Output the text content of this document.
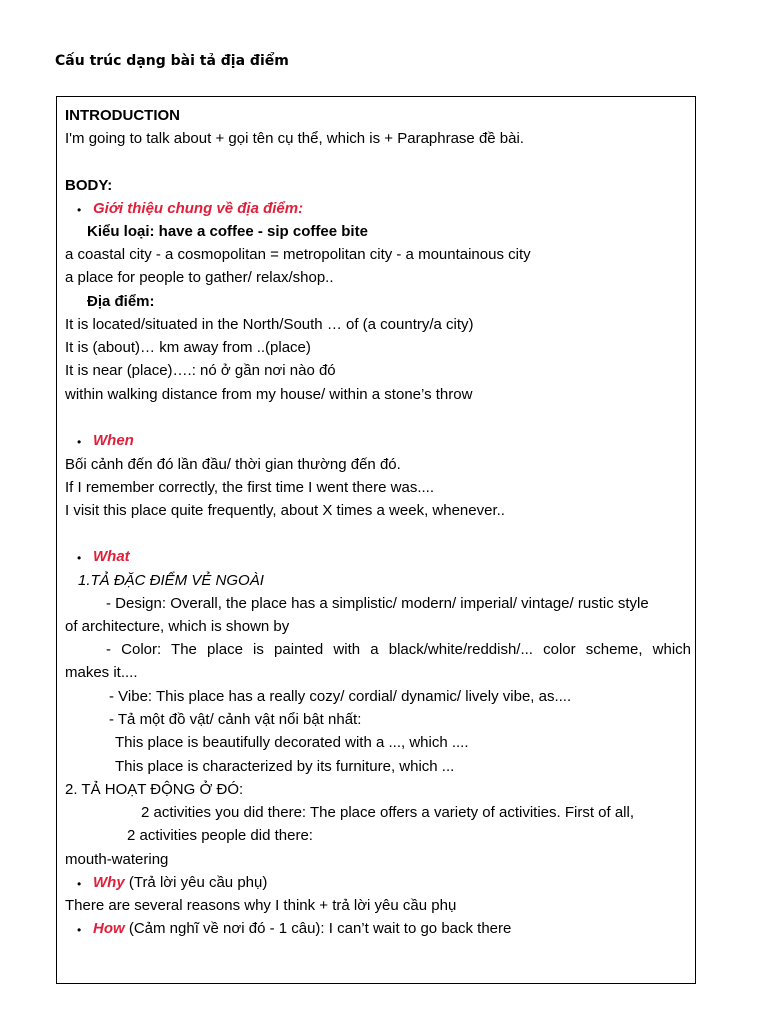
Cấu trúc dạng bài tả địa điểm
INTRODUCTION
I'm going to talk about + gọi tên cụ thể, which is + Paraphrase đề bài.
BODY:
• Giới thiệu chung về địa điểm:
Kiểu loại: have a coffee - sip coffee bite
a coastal city - a cosmopolitan = metropolitan city - a mountainous city
a place for people to gather/ relax/shop..
Địa điểm:
It is located/situated in the North/South … of (a country/a city)
It is (about)… km away from ..(place)
It is near (place)….: nó ở gần nơi nào đó
within walking distance from my house/ within a stone’s throw
• When
Bối cảnh đến đó lần đầu/ thời gian thường đến đó.
If I remember correctly, the first time I went there was....
I visit this place quite frequently, about X times a week, whenever..
• What
1.TẢ ĐẶC ĐIỂM VẺ NGOÀI
- Design: Overall, the place has a simplistic/ modern/ imperial/ vintage/ rustic style
of architecture, which is shown by
- Color: The place is painted with a black/white/reddish/... color scheme, which
makes it....
- Vibe: This place has a really cozy/ cordial/ dynamic/ lively vibe, as....
- Tả một đồ vật/ cảnh vật nổi bật nhất:
This place is beautifully decorated with a ..., which ....
This place is characterized by its furniture, which ...
2. TẢ HOẠT ĐỘNG Ở ĐÓ:
2 activities you did there: The place offers a variety of activities. First of all,
2 activities people did there:
mouth-watering
• Why (Trả lời yêu cầu phụ)
There are several reasons why I think + trả lời yêu cầu phụ
• How (Cảm nghĩ về nơi đó - 1 câu): I can’t wait to go back there
